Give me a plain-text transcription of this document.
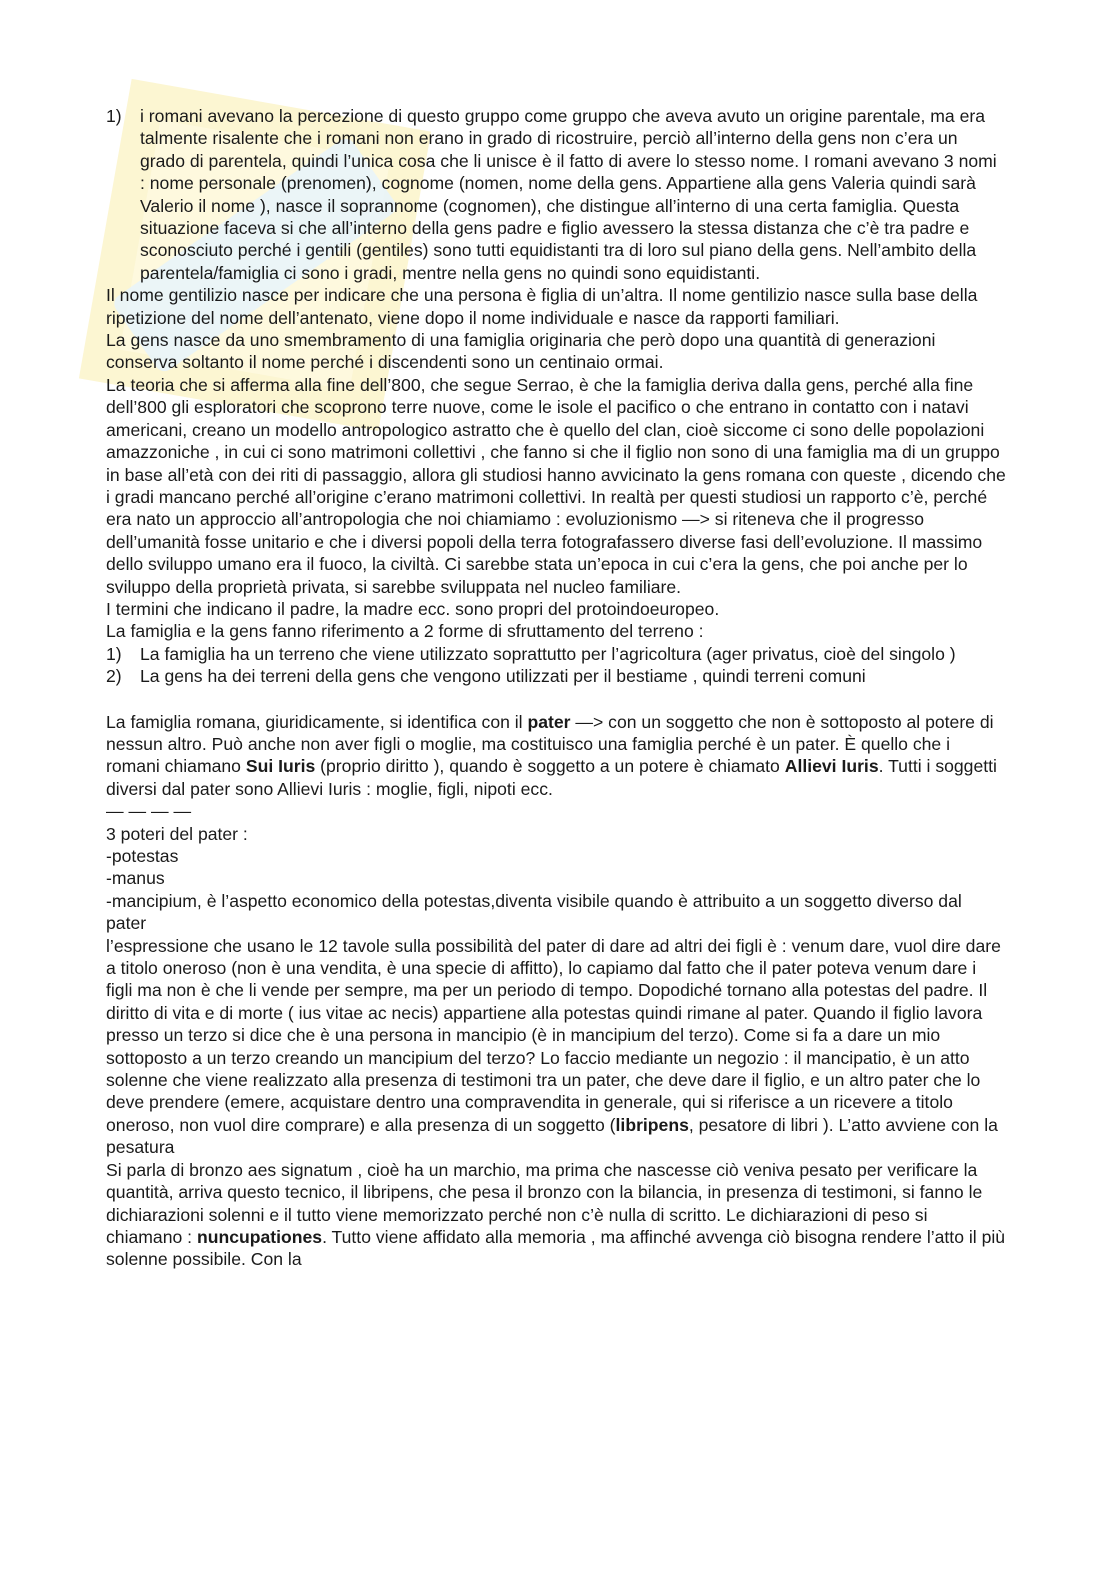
1)	i romani avevano la percezione di questo gruppo come gruppo che aveva avuto un origine parentale, ma era talmente risalente che i romani non erano in grado di ricostruire, perciò all’interno della gens non c’era un grado di parentela, quindi l’unica cosa che li unisce è il fatto di avere lo stesso nome. I romani avevano 3 nomi : nome personale (prenomen), cognome (nomen, nome della gens. Appartiene alla gens Valeria quindi sarà Valerio il nome ), nasce il soprannome (cognomen), che distingue all’interno di una certa famiglia. Questa situazione faceva si che all’interno della gens padre e figlio avessero la stessa distanza che c’è tra padre e sconosciuto perché i gentili (gentiles) sono tutti equidistanti tra di loro sul piano della gens. Nell’ambito della parentela/famiglia ci sono i gradi, mentre nella gens no quindi sono equidistanti.

Il nome gentilizio nasce per indicare che una persona è figlia di un’altra. Il nome gentilizio nasce sulla base della ripetizione del nome dell’antenato, viene dopo il nome individuale e nasce da rapporti familiari.

La gens nasce da uno smembramento di una famiglia originaria che però dopo una quantità di generazioni conserva soltanto il nome perché i discendenti sono un centinaio ormai.

La teoria che si afferma alla fine dell’800, che segue Serrao, è che la famiglia deriva dalla gens, perché alla fine dell’800 gli esploratori che scoprono terre nuove, come le isole el pacifico o che entrano in contatto con i natavi americani, creano un modello antropologico astratto che è quello del clan, cioè siccome ci sono delle popolazioni amazzoniche , in cui ci sono matrimoni collettivi , che fanno si che il figlio non sono di una famiglia ma di un gruppo in base all’età con dei riti di passaggio, allora gli studiosi hanno avvicinato la gens romana con queste , dicendo che i gradi mancano perché all’origine c’erano matrimoni collettivi. In realtà per questi studiosi un rapporto c’è, perché era nato un approccio all’antropologia che noi chiamiamo : evoluzionismo —> si riteneva che il progresso dell’umanità fosse unitario e che i diversi popoli della terra fotografassero diverse fasi dell’evoluzione. Il massimo dello sviluppo umano era il fuoco, la civiltà. Ci sarebbe stata un’epoca in cui c’era la gens, che poi anche per lo sviluppo della proprietà privata, si sarebbe sviluppata nel nucleo familiare.

I termini che indicano il padre, la madre ecc. sono propri del protoindoeuropeo.

La famiglia e la gens fanno riferimento a 2 forme di sfruttamento del terreno :

1)	La famiglia ha un terreno che viene utilizzato soprattutto per l’agricoltura (ager privatus, cioè del singolo )
2)	La gens ha dei terreni della gens che vengono utilizzati per il bestiame , quindi terreni comuni

La famiglia romana, giuridicamente, si identifica con il pater —> con un soggetto che non è sottoposto al potere di nessun altro. Può anche non aver figli o moglie, ma costituisco una famiglia perché è un pater. È quello che i romani chiamano Sui Iuris (proprio diritto ), quando è soggetto a un potere è chiamato Allievi Iuris. Tutti i soggetti diversi dal pater sono Allievi Iuris : moglie, figli, nipoti ecc.

— — — —

3 poteri del pater :

-potestas

-manus

-mancipium, è l’aspetto economico della potestas,diventa visibile quando è attribuito a un soggetto diverso dal pater

l’espressione che usano le 12 tavole sulla possibilità del pater di dare ad altri dei figli è : venum dare, vuol dire dare a titolo oneroso (non è una vendita, è una specie di affitto), lo capiamo dal fatto che il pater poteva venum dare i figli ma non è che li vende per sempre, ma per un periodo di tempo. Dopodiché tornano alla potestas del padre. Il diritto di vita e di morte ( ius vitae ac necis) appartiene alla potestas quindi rimane al pater. Quando il figlio lavora presso un terzo si dice che è una persona in mancipio (è in mancipium del terzo). Come si fa a dare un mio sottoposto a un terzo creando un mancipium del terzo? Lo faccio mediante un negozio : il mancipatio, è un atto solenne che viene realizzato alla presenza di testimoni tra un pater, che deve dare il figlio, e un altro pater che lo deve prendere (emere, acquistare dentro una compravendita in generale, qui si riferisce a un ricevere a titolo oneroso, non vuol dire comprare) e alla presenza di un soggetto (libripens, pesatore di libri ). L’atto avviene con la pesatura

Si parla di bronzo aes signatum , cioè ha un marchio, ma prima che nascesse ciò veniva pesato per verificare la quantità, arriva questo tecnico, il libripens, che pesa il bronzo con la bilancia, in presenza di testimoni, si fanno le dichiarazioni solenni e il tutto viene memorizzato perché non c’è nulla di scritto. Le dichiarazioni di peso si chiamano : nuncupationes. Tutto viene affidato alla memoria , ma affinché avvenga ciò bisogna rendere l’atto il più solenne possibile. Con la
